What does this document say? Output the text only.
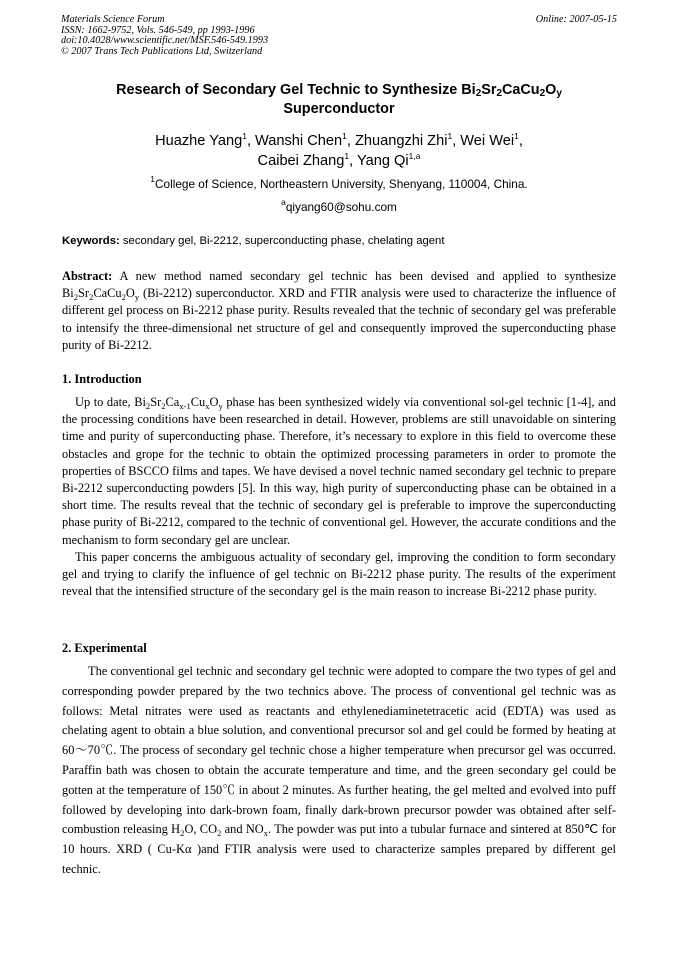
Materials Science Forum	Online: 2007-05-15
ISSN: 1662-9752, Vols. 546-549, pp 1993-1996
doi:10.4028/www.scientific.net/MSF.546-549.1993
© 2007 Trans Tech Publications Ltd, Switzerland
Research of Secondary Gel Technic to Synthesize $Bi_2Sr_2CaCu_2O_y$
Superconductor
Huazhe Yang$^1$, Wanshi Chen$^1$, Zhuangzhi Zhi$^1$, Wei Wei$^1$,
Caibei Zhang$^1$, Yang Qi$^{1,a}$
$^1$College of Science, Northeastern University, Shenyang, 110004, China.
$^a$qiyang60@sohu.com
Keywords: secondary gel, Bi-2212, superconducting phase, chelating agent

Abstract: A new method named secondary gel technic has been devised and applied to synthesize $Bi_2Sr_2CaCu_2O_y$ (Bi-2212) superconductor. XRD and FTIR analysis were used to characterize the influence of different gel process on Bi-2212 phase purity. Results revealed that the technic of secondary gel was preferable to intensify the three-dimensional net structure of gel and consequently improved the superconducting phase purity of Bi-2212.

1. Introduction

Up to date, $Bi_2Sr_2Ca_{x-1}Cu_xO_y$ phase has been synthesized widely via conventional sol-gel technic [1-4], and the processing conditions have been researched in detail. However, problems are still unavoidable on sintering time and purity of superconducting phase. Therefore, it’s necessary to explore in this field to overcome these obstacles and grope for the technic to obtain the optimized processing parameters in order to promote the properties of BSCCO films and tapes. We have devised a novel technic named secondary gel technic to prepare Bi-2212 superconducting powders [5]. In this way, high purity of superconducting phase can be obtained in a short time. The results reveal that the technic of secondary gel is preferable to improve the superconducting phase purity of Bi-2212, compared to the technic of conventional gel. However, the accurate conditions and the mechanism to form secondary gel are unclear.

This paper concerns the ambiguous actuality of secondary gel, improving the condition to form secondary gel and trying to clarify the influence of gel technic on Bi-2212 phase purity. The results of the experiment reveal that the intensified structure of the secondary gel is the main reason to increase Bi-2212 phase purity.

2. Experimental

The conventional gel technic and secondary gel technic were adopted to compare the two types of gel and corresponding powder prepared by the two technics above. The process of conventional gel technic was as follows: Metal nitrates were used as reactants and ethylenediaminetetracetic acid (EDTA) was used as chelating agent to obtain a blue solution, and conventional precursor sol and gel could be formed by heating at 60～70℃. The process of secondary gel technic chose a higher temperature when precursor gel was occurred. Paraffin bath was chosen to obtain the accurate temperature and time, and the green secondary gel could be gotten at the temperature of 150℃ in about 2 minutes. As further heating, the gel melted and evolved into puff followed by developing into dark-brown foam, finally dark-brown precursor powder was obtained after self-combustion releasing $H_2O$, $CO_2$ and $NO_x$. The powder was put into a tubular furnace and sintered at 850℃ for 10 hours. XRD ( Cu-Kα )and FTIR analysis were used to characterize samples prepared by different gel technic.
